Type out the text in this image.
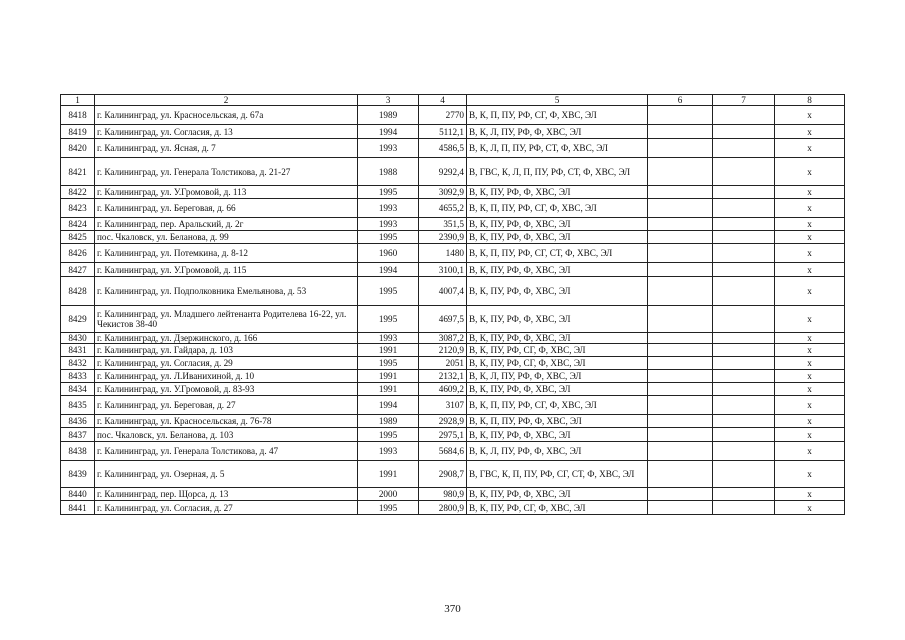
1	2	3	4	5	6	7	8
8418	г. Калининград, ул. Красносельская, д. 67а	1989	2770	В, К, П, ПУ, РФ, СГ, Ф, ХВС, ЭЛ			х
8419	г. Калининград, ул. Согласия, д. 13	1994	5112,1	В, К, Л, ПУ, РФ, Ф, ХВС, ЭЛ			х
8420	г. Калининград, ул. Ясная, д. 7	1993	4586,5	В, К, Л, П, ПУ, РФ, СТ, Ф, ХВС, ЭЛ			х
8421	г. Калининград, ул. Генерала Толстикова, д. 21-27	1988	9292,4	В, ГВС, К, Л, П, ПУ, РФ, СТ, Ф, ХВС, ЭЛ			х
8422	г. Калининград, ул. У.Громовой, д. 113	1995	3092,9	В, К, ПУ, РФ, Ф, ХВС, ЭЛ			х
8423	г. Калининград, ул. Береговая, д. 66	1993	4655,2	В, К, П, ПУ, РФ, СГ, Ф, ХВС, ЭЛ			х
8424	г. Калининград, пер. Аральский, д. 2г	1993	351,5	В, К, ПУ, РФ, Ф, ХВС, ЭЛ			х
8425	пос. Чкаловск, ул. Беланова, д. 99	1995	2390,9	В, К, ПУ, РФ, Ф, ХВС, ЭЛ			х
8426	г. Калининград, ул. Потемкина, д. 8-12	1960	1480	В, К, П, ПУ, РФ, СГ, СТ, Ф, ХВС, ЭЛ			х
8427	г. Калининград, ул. У.Громовой, д. 115	1994	3100,1	В, К, ПУ, РФ, Ф, ХВС, ЭЛ			х
8428	г. Калининград, ул. Подполковника Емельянова, д. 53	1995	4007,4	В, К, ПУ, РФ, Ф, ХВС, ЭЛ			х
8429	г. Калининград, ул. Младшего лейтенанта Родителева 16-22, ул. Чекистов 38-40	1995	4697,5	В, К, ПУ, РФ, Ф, ХВС, ЭЛ			х
8430	г. Калининград, ул. Дзержинского, д. 166	1993	3087,2	В, К, ПУ, РФ, Ф, ХВС, ЭЛ			х
8431	г. Калининград, ул. Гайдара, д. 103	1991	2120,9	В, К, ПУ, РФ, СГ, Ф, ХВС, ЭЛ			х
8432	г. Калининград, ул. Согласия, д. 29	1995	2051	В, К, ПУ, РФ, СГ, Ф, ХВС, ЭЛ			х
8433	г. Калининград, ул. Л.Иванихиной, д. 10	1991	2132,1	В, К, Л, ПУ, РФ, Ф, ХВС, ЭЛ			х
8434	г. Калининград, ул. У.Громовой, д. 83-93	1991	4609,2	В, К, ПУ, РФ, Ф, ХВС, ЭЛ			х
8435	г. Калининград, ул. Береговая, д. 27	1994	3107	В, К, П, ПУ, РФ, СГ, Ф, ХВС, ЭЛ			х
8436	г. Калининград, ул. Красносельская, д. 76-78	1989	2928,9	В, К, П, ПУ, РФ, Ф, ХВС, ЭЛ			х
8437	пос. Чкаловск, ул. Беланова, д. 103	1995	2975,1	В, К, ПУ, РФ, Ф, ХВС, ЭЛ			х
8438	г. Калининград, ул. Генерала Толстикова, д. 47	1993	5684,6	В, К, Л, ПУ, РФ, Ф, ХВС, ЭЛ			х
8439	г. Калининград, ул. Озерная, д. 5	1991	2908,7	В, ГВС, К, П, ПУ, РФ, СГ, СТ, Ф, ХВС, ЭЛ			х
8440	г. Калининград, пер. Щорса, д. 13	2000	980,9	В, К, ПУ, РФ, Ф, ХВС, ЭЛ			х
8441	г. Калининград, ул. Согласия, д. 27	1995	2800,9	В, К, ПУ, РФ, СГ, Ф, ХВС, ЭЛ			х
370
